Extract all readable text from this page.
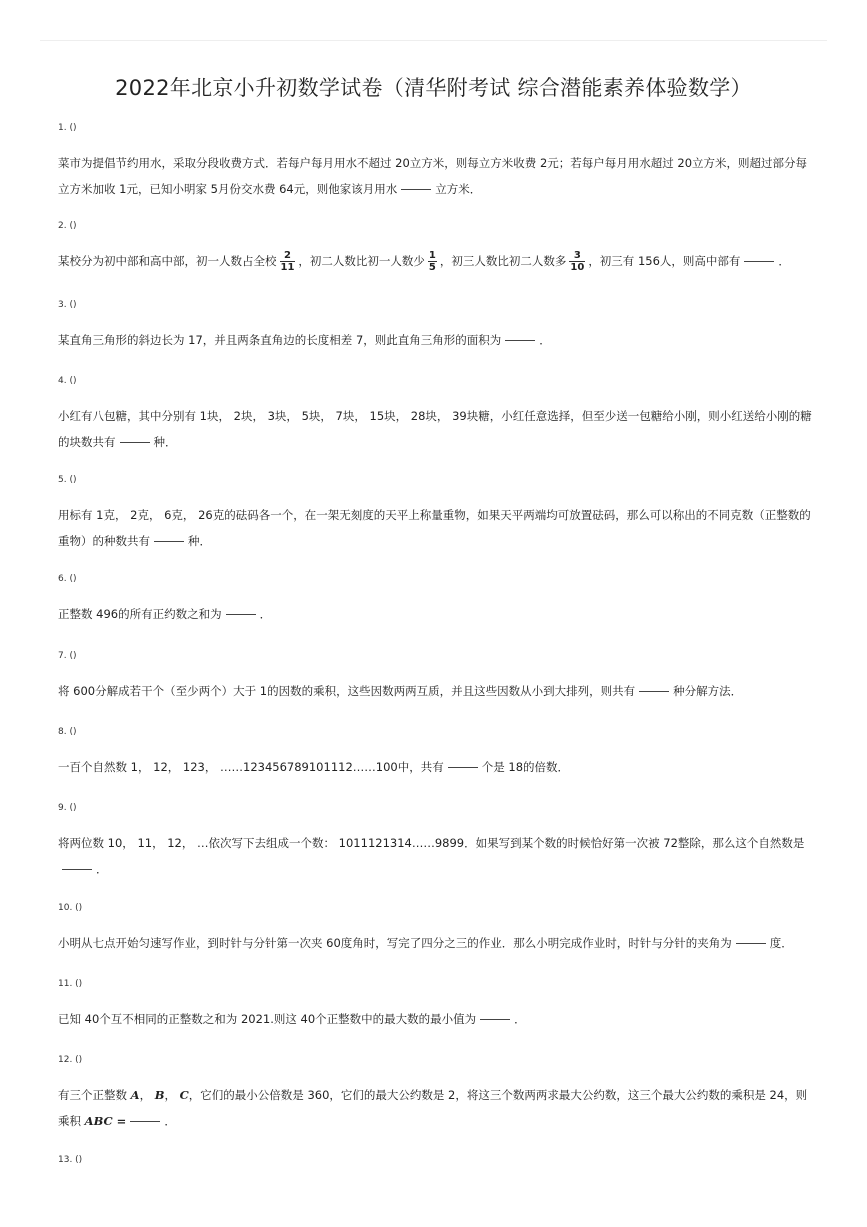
2022年北京小升初数学试卷（清华附考试 综合潜能素养体验数学）
1. ()
菜市为提倡节约用水，采取分段收费方式．若每户每月用水不超过 20立方米，则每立方米收费 2元；若每户每月用水超过 20立方米，则超过部分每立方米加收 1元，已知小明家 5月份交水费 64元，则他家该月用水	立方米．
2. ()
某校分为初中部和高中部，初一人数占全校 $\frac{2}{11}$ ，初二人数比初一人数少 $\frac{1}{5}$ ，初三人数比初二人数多 $\frac{3}{10}$ ，初三有 156人，则高中部有	．
3. ()
某直角三角形的斜边长为 17，并且两条直角边的长度相差 7，则此直角三角形的面积为	．
4. ()
小红有八包糖，其中分别有 1块， 2块， 3块， 5块， 7块， 15块， 28块， 39块糖，小红任意选择，但至少送一包糖给小刚，则小红送给小刚的糖的块数共有	种．
5. ()
用标有 1克， 2克， 6克， 26克的砝码各一个，在一架无刻度的天平上称量重物，如果天平两端均可放置砝码，那么可以称出的不同克数（正整数的重物）的种数共有	种．
6. ()
正整数 496的所有正约数之和为	．
7. ()
将 600分解成若干个（至少两个）大于 1的因数的乘积，这些因数两两互质，并且这些因数从小到大排列，则共有	种分解方法．
8. ()
一百个自然数 1， 12， 123， ……123456789101112……100中，共有	个是 18的倍数．
9. ()
将两位数 10， 11， 12， …依次写下去组成一个数： 1011121314……9899．如果写到某个数的时候恰好第一次被 72整除，那么这个自然数是．
10. ()
小明从七点开始匀速写作业，到时针与分针第一次夹 60度角时，写完了四分之三的作业．那么小明完成作业时，时针与分针的夹角为	度．
11. ()
已知 40个互不相同的正整数之和为 2021.则这 40个正整数中的最大数的最小值为	．
12. ()
有三个正整数 A， B， C，它们的最小公倍数是 360，它们的最大公约数是 2，将这三个数两两求最大公约数，这三个最大公约数的乘积是 24，则乘积 ABC =	．
13. ()
